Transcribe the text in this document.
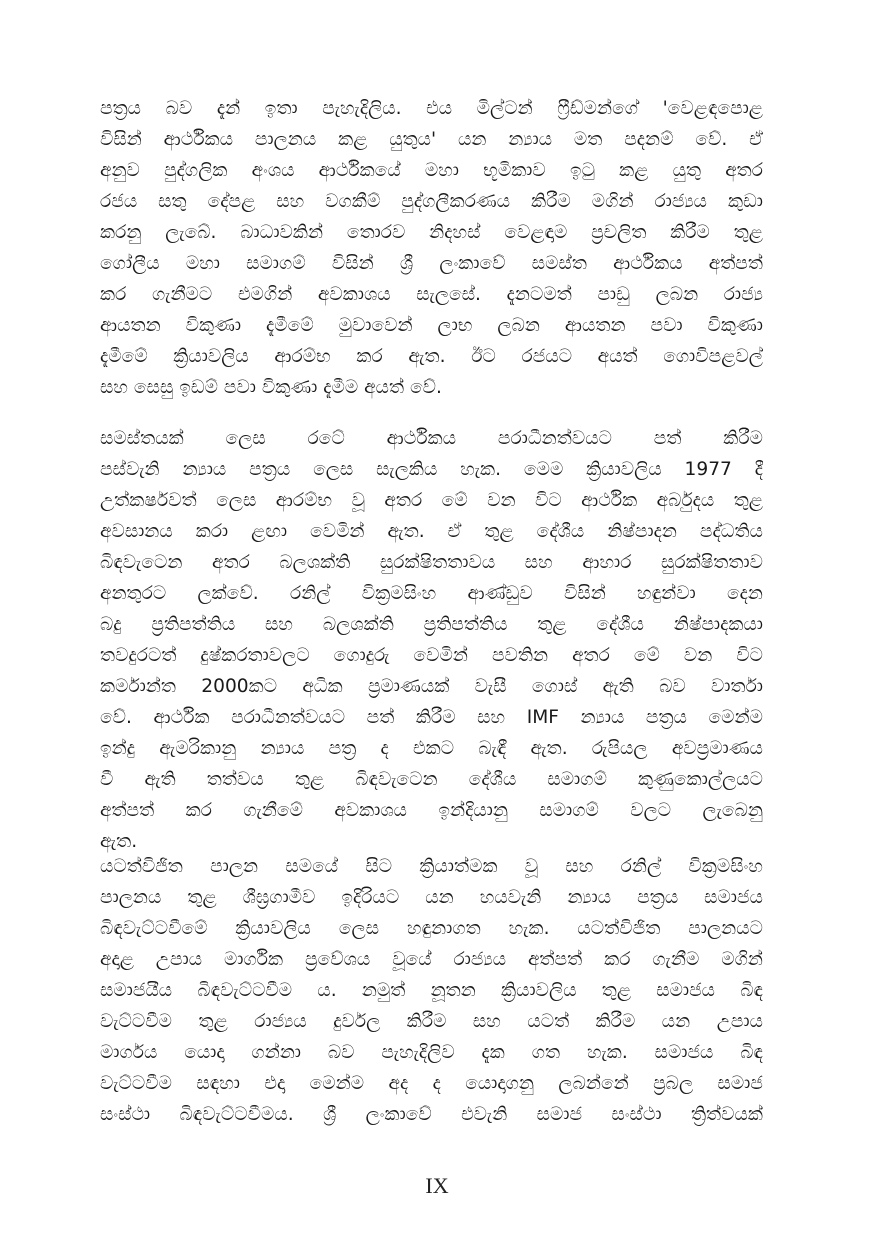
පත්‍රය බව දැන් ඉතා පැහැදිලිය. එය මිල්ටන් ෆ්‍රීඩ්මන්ගේ 'වෙළඳපොළ
විසින් ආර්ථිකය පාලනය කළ යුතුය' යන න්‍යාය මත පදනම් වේ. ඒ
අනුව පුද්ගලික අංශය ආර්ථිකයේ මහා භූමිකාව ඉටු කළ යුතු අතර
රජය සතු දේපළ සහ වගකීම් පුද්ගලීකරණය කිරීම මගින් රාජ්‍යය කුඩා
කරනු ලැබේ. බාධාවකින් තොරව නිදහස් වෙළඳාම ප්‍රචලිත කිරීම තුළ
ගෝලීය මහා සමාගම් විසින් ශ්‍රී ලංකාවේ සමස්ත ආර්ථිකය අත්පත්
කර ගැනීමට එමගින් අවකාශය සැලසේ. දැනටමත් පාඩු ලබන රාජ්‍ය
ආයතන විකුණා දැමීමේ මුවාවෙන් ලාභ ලබන ආයතන පවා විකුණා
දැමීමේ ක්‍රියාවලිය ආරම්භ කර ඇත. ඊට රජයට අයත් ගොවිපළවල්
සහ සෙසු ඉඩම් පවා විකුණා දැමීම අයත් වේ.
සමස්තයක් ලෙස රටේ ආර්ථිකය පරාධීනත්වයට පත් කිරීම
පස්වැනි න්‍යාය පත්‍රය ලෙස සැලකිය හැක. මෙම ක්‍රියාවලිය 1977 දී
උත්කර්ෂවත් ලෙස ආරම්භ වූ අතර මේ වන විට ආර්ථික අර්බුදය තුළ
අවසානය කරා ළඟා වෙමින් ඇත. ඒ තුළ දේශීය නිෂ්පාදන පද්ධතිය
බිඳවැටෙන අතර බලශක්ති සුරක්ෂිතතාවය සහ ආහාර සුරක්ෂිතතාව
අනතුරට ලක්වේ. රනිල් වික්‍රමසිංහ ආණ්ඩුව විසින් හඳුන්වා දෙන
බදු ප්‍රතිපත්තිය සහ බලශක්ති ප්‍රතිපත්තිය තුළ දේශීය නිෂ්පාදකයා
තවදුරටත් දුෂ්කරතාවලට ගොදුරු වෙමින් පවතින අතර මේ වන විට
කර්මාන්ත 2000කට අධික ප්‍රමාණයක් වැසී ගොස් ඇති බව වාර්තා
වේ. ආර්ථික පරාධීනත්වයට පත් කිරීම සහ IMF න්‍යාය පත්‍රය මෙන්ම
ඉන්දු ඇමරිකානු න්‍යාය පත්‍ර ද එකට බැඳී ඇත. රුපියල අවප්‍රමාණය
වී ඇති තත්වය තුළ බිඳවැටෙන දේශීය සමාගම් කුණුකොල්ලයට
අත්පත් කර ගැනීමේ අවකාශය ඉන්දියානු සමාගම් වලට ලැබෙනු
ඇත.
යටත්විජිත පාලන සමයේ සිට ක්‍රියාත්මක වූ සහ රනිල් වික්‍රමසිංහ
පාලනය තුළ ශීඝ්‍රගාමීව ඉදිරියට යන හයවැනි න්‍යාය පත්‍රය සමාජය
බිඳවැට්ටවීමේ ක්‍රියාවලිය ලෙස හඳුනාගත හැක. යටත්විජිත පාලනයට
අදාළ උපාය මාර්ගික ප්‍රවේශය වූයේ රාජ්‍යය අත්පත් කර ගැනීම මගින්
සමාජයීය බිඳවැට්ටවීම ය. නමුත් නූතන ක්‍රියාවලිය තුළ සමාජය බිඳ
වැට්ටවීම තුළ රාජ්‍යය දුර්වල කිරීම සහ යටත් කිරීම යන උපාය
මාර්ගය යොදා ගන්නා බව පැහැදිලිව දැක ගත හැක. සමාජය බිඳ
වැට්ටවීම සඳහා එදා මෙන්ම අද ද යොදාගනු ලබන්නේ ප්‍රබල සමාජ
සංස්ථා බිඳවැට්ටවීමය. ශ්‍රී ලංකාවේ එවැනි සමාජ සංස්ථා ත්‍රිත්වයක්
IX
